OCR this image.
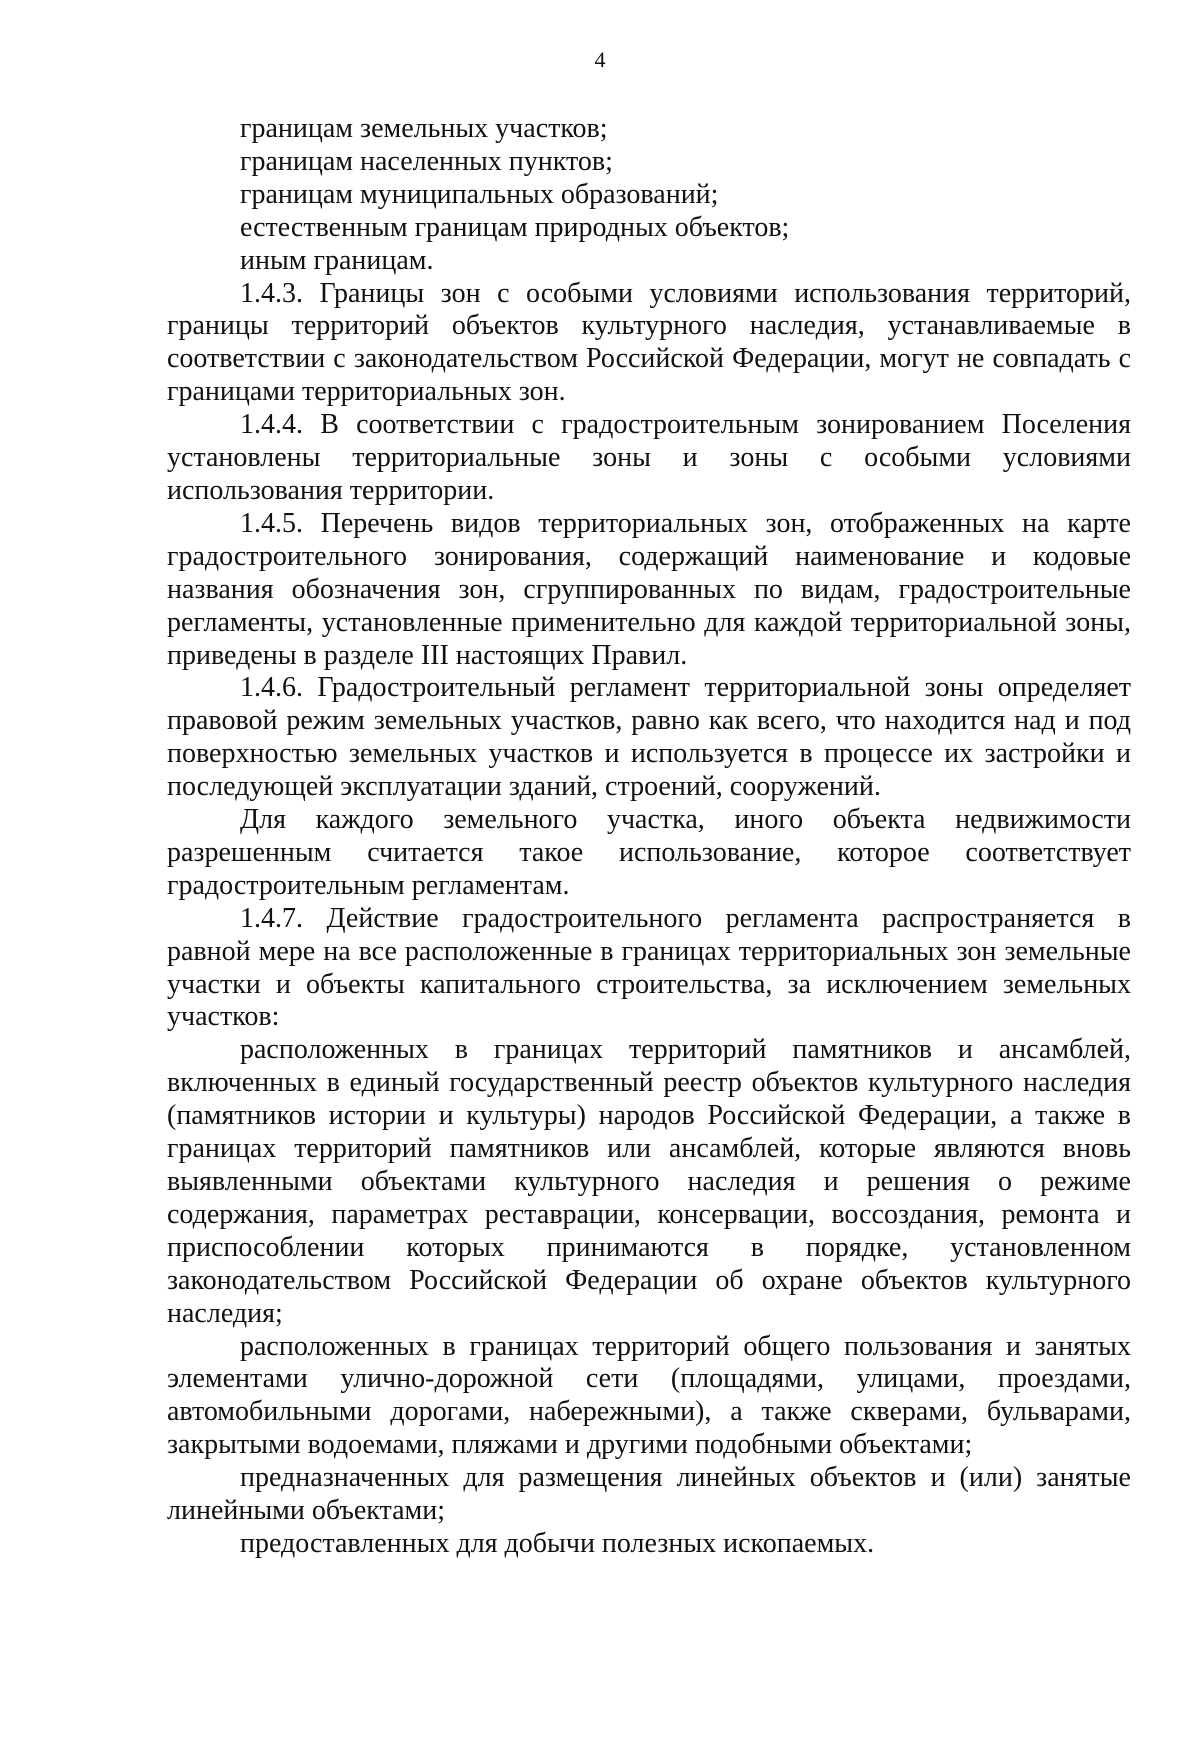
4

границам земельных участков;

границам населенных пунктов;

границам муниципальных образований;

естественным границам природных объектов;

иным границам.

1.4.3. Границы зон с особыми условиями использования территорий, границы территорий объектов культурного наследия, устанавливаемые в соответствии с законодательством Российской Федерации, могут не совпадать с границами территориальных зон.

1.4.4. В соответствии с градостроительным зонированием Поселения установлены территориальные зоны и зоны с особыми условиями использования территории.

1.4.5. Перечень видов территориальных зон, отображенных на карте градостроительного зонирования, содержащий наименование и кодовые названия обозначения зон, сгруппированных по видам, градостроительные регламенты, установленные применительно для каждой территориальной зоны, приведены в разделе III настоящих Правил.

1.4.6. Градостроительный регламент территориальной зоны определяет правовой режим земельных участков, равно как всего, что находится над и под поверхностью земельных участков и используется в процессе их застройки и последующей эксплуатации зданий, строений, сооружений.

Для каждого земельного участка, иного объекта недвижимости разрешенным считается такое использование, которое соответствует градостроительным регламентам.

1.4.7. Действие градостроительного регламента распространяется в равной мере на все расположенные в границах территориальных зон земельные участки и объекты капитального строительства, за исключением земельных участков:

расположенных в границах территорий памятников и ансамблей, включенных в единый государственный реестр объектов культурного наследия (памятников истории и культуры) народов Российской Федерации, а также в границах территорий памятников или ансамблей, которые являются вновь выявленными объектами культурного наследия и решения о режиме содержания, параметрах реставрации, консервации, воссоздания, ремонта и приспособлении которых принимаются в порядке, установленном законодательством Российской Федерации об охране объектов культурного наследия;

расположенных в границах территорий общего пользования и занятых элементами улично-дорожной сети (площадями, улицами, проездами, автомобильными дорогами, набережными), а также скверами, бульварами, закрытыми водоемами, пляжами и другими подобными объектами;

предназначенных для размещения линейных объектов и (или) занятые линейными объектами;

предоставленных для добычи полезных ископаемых.
